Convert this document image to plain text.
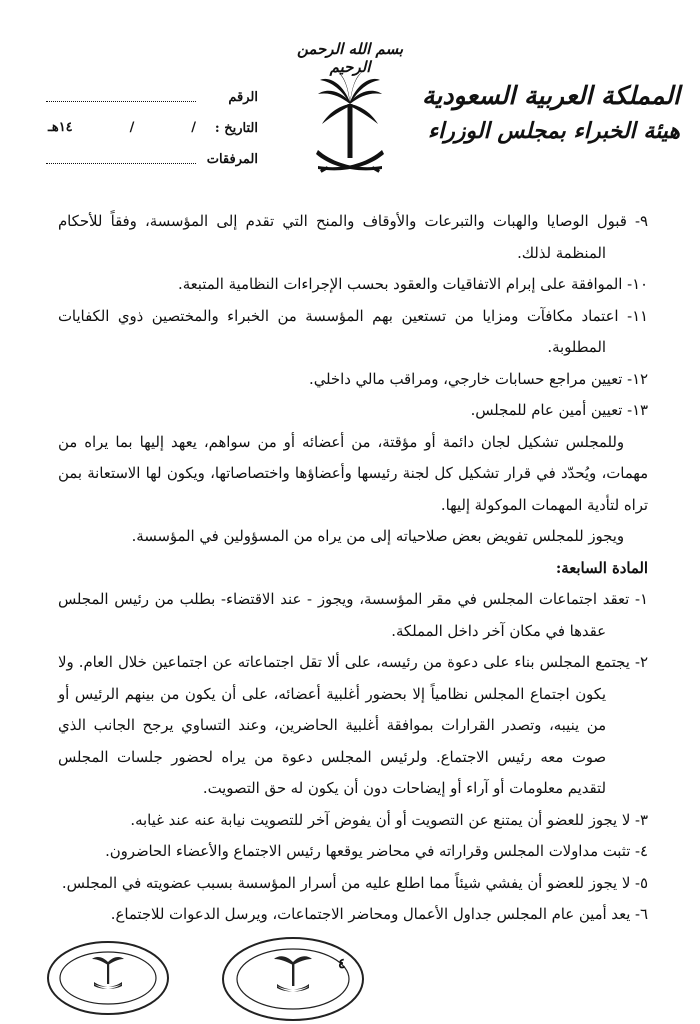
بسم الله الرحمن الرحيم
المملكة العربية السعودية
هيئة الخبراء بمجلس الوزراء
الرقم
التاريخ :
/
/
١٤هـ
المرفقات

٩- قبول الوصايا والهبات والتبرعات والأوقاف والمنح التي تقدم إلى المؤسسة، وفقاً للأحكام المنظمة لذلك.

١٠- الموافقة على إبرام الاتفاقيات والعقود بحسب الإجراءات النظامية المتبعة.

١١- اعتماد مكافآت ومزايا من تستعين بهم المؤسسة من الخبراء والمختصين ذوي الكفايات المطلوبة.

١٢- تعيين مراجع حسابات خارجي، ومراقب مالي داخلي.

١٣- تعيين أمين عام للمجلس.

وللمجلس تشكيل لجان دائمة أو مؤقتة، من أعضائه أو من سواهم، يعهد إليها بما يراه من مهمات، ويُحدّد في قرار تشكيل كل لجنة رئيسها وأعضاؤها واختصاصاتها، ويكون لها الاستعانة بمن تراه لتأدية المهمات الموكولة إليها.

ويجوز للمجلس تفويض بعض صلاحياته إلى من يراه من المسؤولين في المؤسسة.

المادة السابعة:

١- تعقد اجتماعات المجلس في مقر المؤسسة، ويجوز - عند الاقتضاء- بطلب من رئيس المجلس عقدها في مكان آخر داخل المملكة.

٢- يجتمع المجلس بناء على دعوة من رئيسه، على ألا تقل اجتماعاته عن اجتماعين خلال العام. ولا يكون اجتماع المجلس نظامياً إلا بحضور أغلبية أعضائه، على أن يكون من بينهم الرئيس أو من ينيبه، وتصدر القرارات بموافقة أغلبية الحاضرين، وعند التساوي يرجح الجانب الذي صوت معه رئيس الاجتماع. ولرئيس المجلس دعوة من يراه لحضور جلسات المجلس لتقديم معلومات أو آراء أو إيضاحات دون أن يكون له حق التصويت.

٣- لا يجوز للعضو أن يمتنع عن التصويت أو أن يفوض آخر للتصويت نيابة عنه عند غيابه.

٤- تثبت مداولات المجلس وقراراته في محاضر يوقعها رئيس الاجتماع والأعضاء الحاضرون.

٥- لا يجوز للعضو أن يفشي شيئاً مما اطلع عليه من أسرار المؤسسة بسبب عضويته في المجلس.

٦- يعد أمين عام المجلس جداول الأعمال ومحاضر الاجتماعات، ويرسل الدعوات للاجتماع.

٤
